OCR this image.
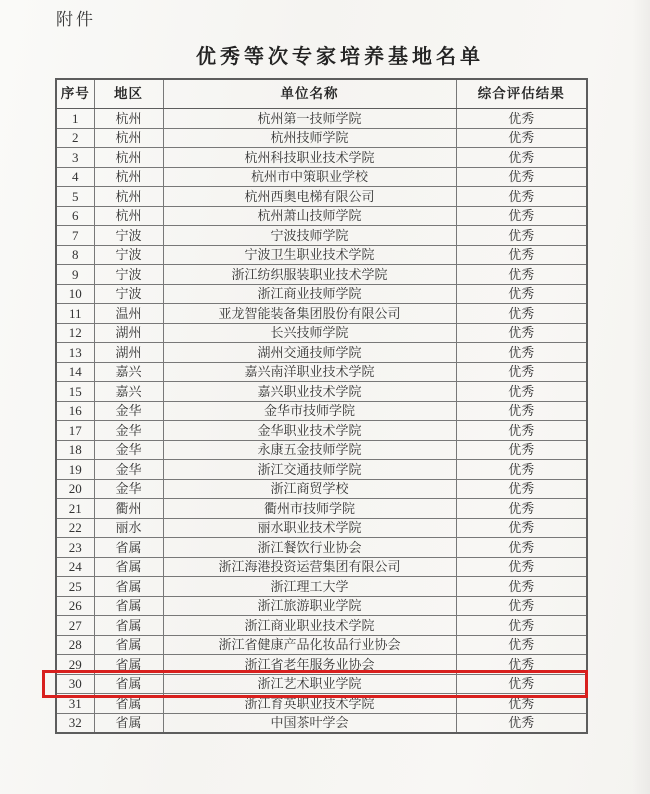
附件
优秀等次专家培养基地名单
序号	地区	单位名称	综合评估结果
1	杭州	杭州第一技师学院	优秀
2	杭州	杭州技师学院	优秀
3	杭州	杭州科技职业技术学院	优秀
4	杭州	杭州市中策职业学校	优秀
5	杭州	杭州西奥电梯有限公司	优秀
6	杭州	杭州萧山技师学院	优秀
7	宁波	宁波技师学院	优秀
8	宁波	宁波卫生职业技术学院	优秀
9	宁波	浙江纺织服装职业技术学院	优秀
10	宁波	浙江商业技师学院	优秀
11	温州	亚龙智能装备集团股份有限公司	优秀
12	湖州	长兴技师学院	优秀
13	湖州	湖州交通技师学院	优秀
14	嘉兴	嘉兴南洋职业技术学院	优秀
15	嘉兴	嘉兴职业技术学院	优秀
16	金华	金华市技师学院	优秀
17	金华	金华职业技术学院	优秀
18	金华	永康五金技师学院	优秀
19	金华	浙江交通技师学院	优秀
20	金华	浙江商贸学校	优秀
21	衢州	衢州市技师学院	优秀
22	丽水	丽水职业技术学院	优秀
23	省属	浙江餐饮行业协会	优秀
24	省属	浙江海港投资运营集团有限公司	优秀
25	省属	浙江理工大学	优秀
26	省属	浙江旅游职业学院	优秀
27	省属	浙江商业职业技术学院	优秀
28	省属	浙江省健康产品化妆品行业协会	优秀
29	省属	浙江省老年服务业协会	优秀
30	省属	浙江艺术职业学院	优秀
31	省属	浙江育英职业技术学院	优秀
32	省属	中国茶叶学会	优秀
